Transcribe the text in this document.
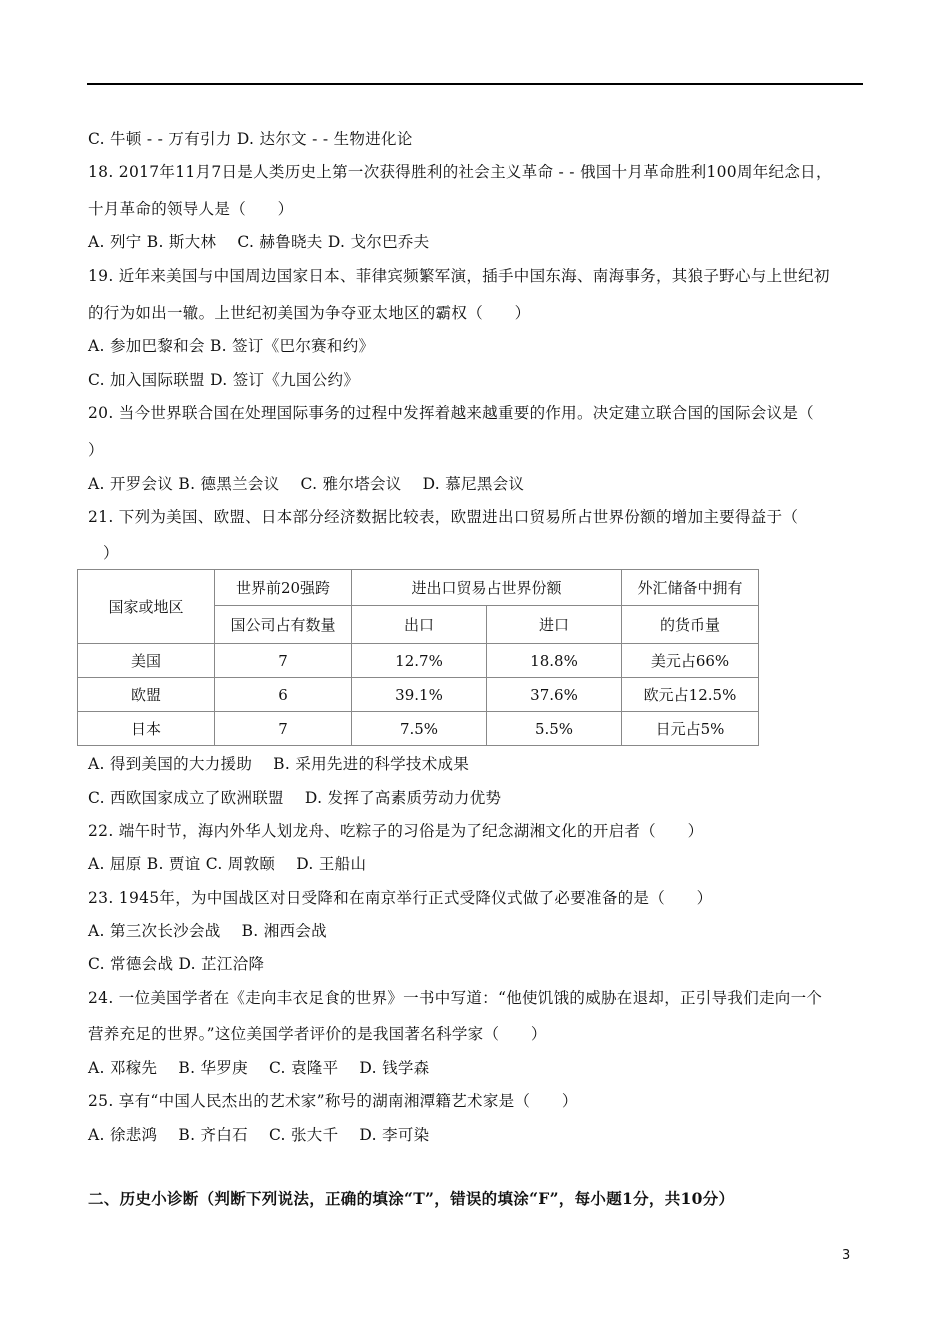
C. 牛顿 - - 万有引力 D. 达尔文 - - 生物进化论
18. 2017年11月7日是人类历史上第一次获得胜利的社会主义革命 - - 俄国十月革命胜利100周年纪念日，
十月革命的领导人是（　　）
A. 列宁 B. 斯大林　 C. 赫鲁晓夫 D. 戈尔巴乔夫
19. 近年来美国与中国周边国家日本、菲律宾频繁军演，插手中国东海、南海事务，其狼子野心与上世纪初
的行为如出一辙。上世纪初美国为争夺亚太地区的霸权（　　）
A. 参加巴黎和会 B. 签订《巴尔赛和约》
C. 加入国际联盟 D. 签订《九国公约》
20. 当今世界联合国在处理国际事务的过程中发挥着越来越重要的作用。决定建立联合国的国际会议是（
）
A. 开罗会议 B. 德黑兰会议　 C. 雅尔塔会议　 D. 慕尼黑会议
21. 下列为美国、欧盟、日本部分经济数据比较表，欧盟进出口贸易所占世界份额的增加主要得益于（
）
国家或地区	世界前20强跨	进出口贸易占世界份额		外汇储备中拥有
	国公司占有数量	出口	进口	的货币量
美国	7	12.7%	18.8%	美元占66%
欧盟	6	39.1%	37.6%	欧元占12.5%
日本	7	7.5%	5.5%	日元占5%
A. 得到美国的大力援助　 B. 采用先进的科学技术成果
C. 西欧国家成立了欧洲联盟　 D. 发挥了高素质劳动力优势
22. 端午时节，海内外华人划龙舟、吃粽子的习俗是为了纪念湖湘文化的开启者（　　）
A. 屈原 B. 贾谊 C. 周敦颐　 D. 王船山
23. 1945年，为中国战区对日受降和在南京举行正式受降仪式做了必要准备的是（　　）
A. 第三次长沙会战　 B. 湘西会战
C. 常德会战 D. 芷江洽降
24. 一位美国学者在《走向丰衣足食的世界》一书中写道：“他使饥饿的威胁在退却，正引导我们走向一个
营养充足的世界。”这位美国学者评价的是我国著名科学家（　　）
A. 邓稼先　 B. 华罗庚　 C. 袁隆平　 D. 钱学森
25. 享有“中国人民杰出的艺术家”称号的湖南湘潭籍艺术家是（　　）
A. 徐悲鸿　 B. 齐白石　 C. 张大千　 D. 李可染
二、历史小诊断（判断下列说法，正确的填涂“T”，错误的填涂“F”，每小题1分，共10分）
3
